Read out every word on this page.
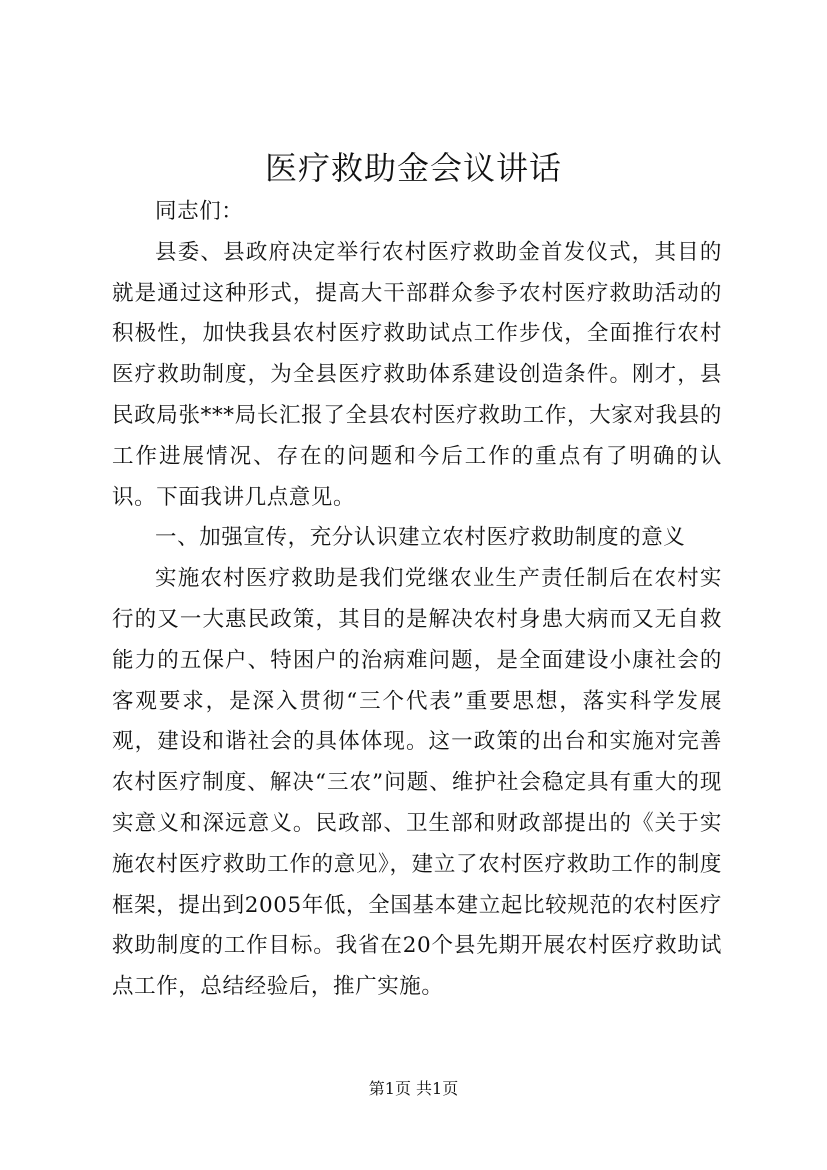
医疗救助金会议讲话

同志们：

县委、县政府决定举行农村医疗救助金首发仪式，其目的就是通过这种形式，提高大干部群众参予农村医疗救助活动的积极性，加快我县农村医疗救助试点工作步伐，全面推行农村医疗救助制度，为全县医疗救助体系建设创造条件。刚才，县民政局张***局长汇报了全县农村医疗救助工作，大家对我县的工作进展情况、存在的问题和今后工作的重点有了明确的认识。下面我讲几点意见。

一、加强宣传，充分认识建立农村医疗救助制度的意义

实施农村医疗救助是我们党继农业生产责任制后在农村实行的又一大惠民政策，其目的是解决农村身患大病而又无自救能力的五保户、特困户的治病难问题，是全面建设小康社会的客观要求，是深入贯彻“三个代表”重要思想，落实科学发展观，建设和谐社会的具体体现。这一政策的出台和实施对完善农村医疗制度、解决“三农”问题、维护社会稳定具有重大的现实意义和深远意义。民政部、卫生部和财政部提出的《关于实施农村医疗救助工作的意见》，建立了农村医疗救助工作的制度框架，提出到2005年低，全国基本建立起比较规范的农村医疗救助制度的工作目标。我省在20个县先期开展农村医疗救助试点工作，总结经验后，推广实施。

第1页 共1页
